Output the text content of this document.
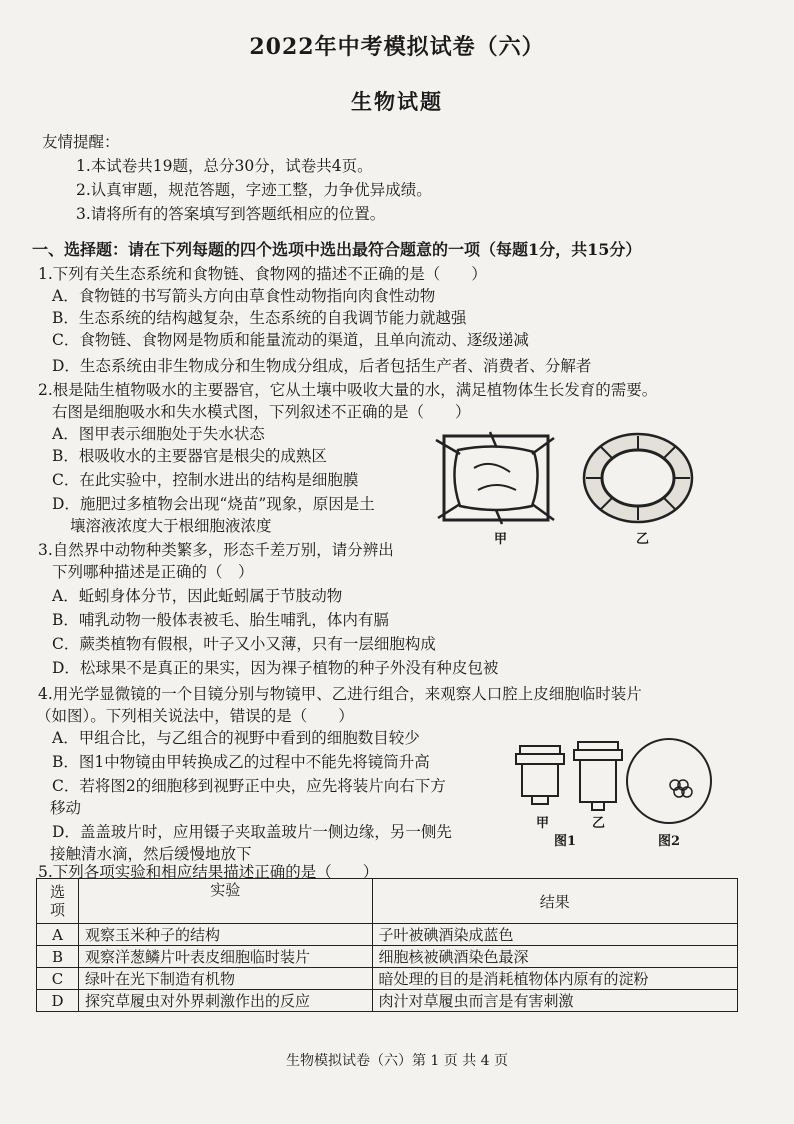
2022年中考模拟试卷（六）
生物试题
友情提醒：
1.本试卷共19题，总分30分，试卷共4页。
2.认真审题，规范答题，字迹工整，力争优异成绩。
3.请将所有的答案填写到答题纸相应的位置。
一、选择题：请在下列每题的四个选项中选出最符合题意的一项（每题1分，共15分）
1.下列有关生态系统和食物链、食物网的描述不正确的是（　　）
A．食物链的书写箭头方向由草食性动物指向肉食性动物
B．生态系统的结构越复杂，生态系统的自我调节能力就越强
C．食物链、食物网是物质和能量流动的渠道，且单向流动、逐级递减
D．生态系统由非生物成分和生物成分组成，后者包括生产者、消费者、分解者
2.根是陆生植物吸水的主要器官，它从土壤中吸收大量的水，满足植物体生长发育的需要。
右图是细胞吸水和失水模式图，下列叙述不正确的是（　　）
A．图甲表示细胞处于失水状态
B．根吸收水的主要器官是根尖的成熟区
C．在此实验中，控制水进出的结构是细胞膜
D．施肥过多植物会出现“烧苗”现象，原因是土
壤溶液浓度大于根细胞液浓度
甲	乙
3.自然界中动物种类繁多，形态千差万别，请分辨出
下列哪种描述是正确的（　）
A．蚯蚓身体分节，因此蚯蚓属于节肢动物
B．哺乳动物一般体表被毛、胎生哺乳，体内有膈
C．蕨类植物有假根，叶子又小又薄，只有一层细胞构成
D．松球果不是真正的果实，因为裸子植物的种子外没有种皮包被
4.用光学显微镜的一个目镜分别与物镜甲、乙进行组合，来观察人口腔上皮细胞临时装片
（如图）。下列相关说法中，错误的是（　　）
A．甲组合比，与乙组合的视野中看到的细胞数目较少
B．图1中物镜由甲转换成乙的过程中不能先将镜筒升高
C．若将图2的细胞移到视野正中央，应先将装片向右下方
移动
D．盖盖玻片时，应用镊子夹取盖玻片一侧边缘，另一侧先
接触清水滴，然后缓慢地放下
甲	乙
图1	图2
5.下列各项实验和相应结果描述正确的是（　　）
选项	实验	结果
A	观察玉米种子的结构	子叶被碘酒染成蓝色
B	观察洋葱鳞片叶表皮细胞临时装片	细胞核被碘酒染色最深
C	绿叶在光下制造有机物	暗处理的目的是消耗植物体内原有的淀粉
D	探究草履虫对外界刺激作出的反应	肉汁对草履虫而言是有害刺激
生物模拟试卷（六）第 1 页 共 4 页
